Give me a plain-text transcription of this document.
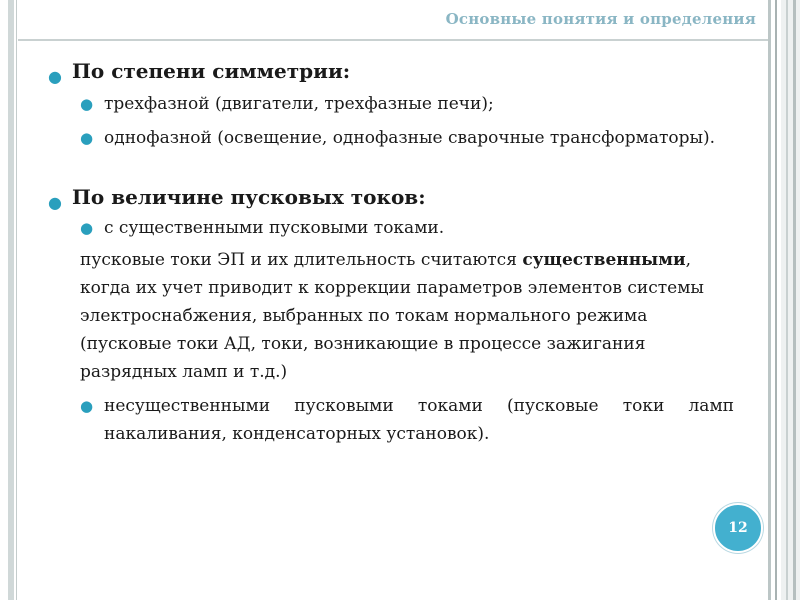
Основные понятия и определения
● По степени симметрии:
● трехфазной (двигатели, трехфазные печи);
● однофазной (освещение, однофазные сварочные трансформаторы).
● По величине пусковых токов:
● с существенными пусковыми токами.
пусковые токи ЭП и их длительность считаются существенными, когда их учет приводит к коррекции параметров элементов системы электроснабжения, выбранных по токам нормального режима (пусковые токи АД, токи, возникающие в процессе зажигания разрядных ламп и т.д.)
● несущественными пусковыми токами (пусковые токи ламп накаливания, конденсаторных установок).
12
